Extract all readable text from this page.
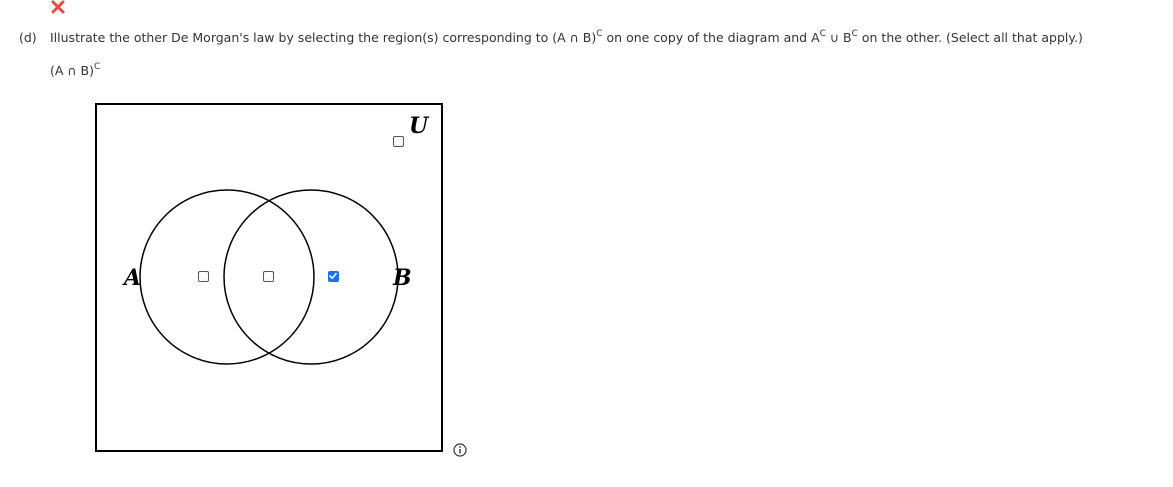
(d) Illustrate the other De Morgan's law by selecting the region(s) corresponding to (A ∩ B)$^C$ on one copy of the diagram and $A^C$ ∪ $B^C$ on the other. (Select all that apply.)
(A ∩ B)$^C$
U
A	B
